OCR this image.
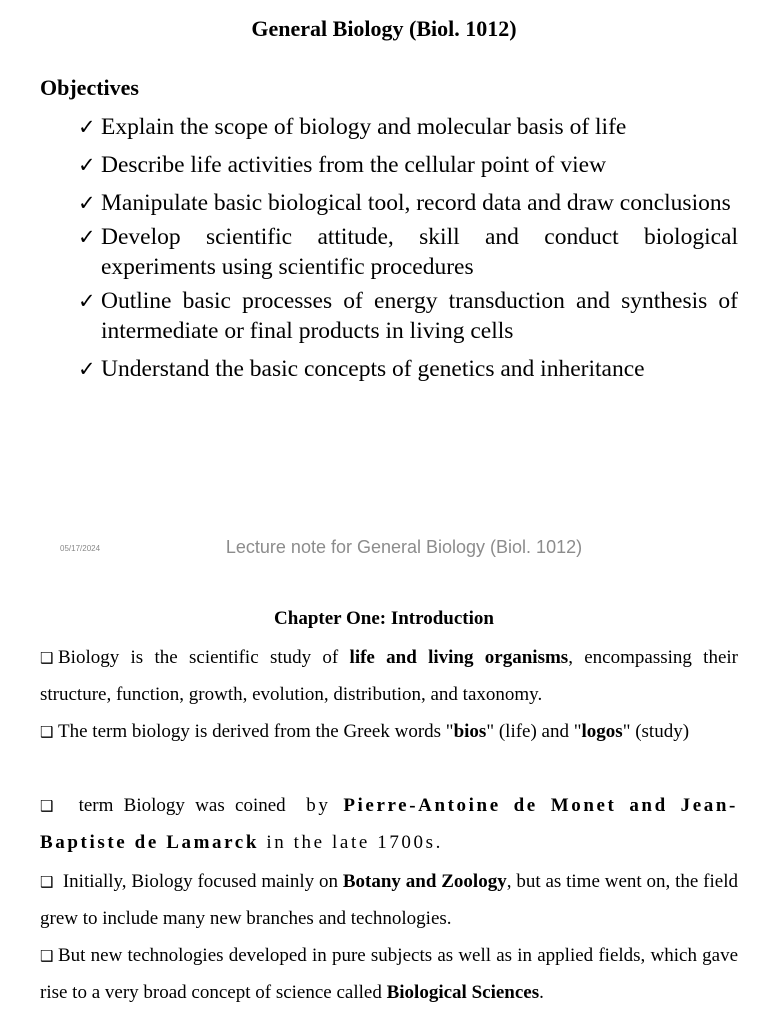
General Biology (Biol. 1012)
Objectives
✓ Explain the scope of biology and molecular basis of life
✓ Describe life activities from the cellular point of view
✓ Manipulate basic biological tool, record data and draw conclusions
✓ Develop scientific attitude, skill and conduct biological experiments using scientific procedures
✓ Outline basic processes of energy transduction and synthesis of intermediate or final products in living cells
✓ Understand the basic concepts of genetics and inheritance
05/17/2024	Lecture note for General Biology (Biol. 1012)
Chapter One: Introduction
❑ Biology is the scientific study of life and living organisms, encompassing their structure, function, growth, evolution, distribution, and taxonomy.
❑ The term biology is derived from the Greek words "bios" (life) and "logos" (study)
❑  term Biology was coined  by Pierre-Antoine de Monet and Jean-Baptiste de Lamarck in the late 1700s.
❑ Initially, Biology focused mainly on Botany and Zoology, but as time went on, the field grew to include many new branches and technologies.
❑ But new technologies developed in pure subjects as well as in applied fields, which gave rise to a very broad concept of science called Biological Sciences.
